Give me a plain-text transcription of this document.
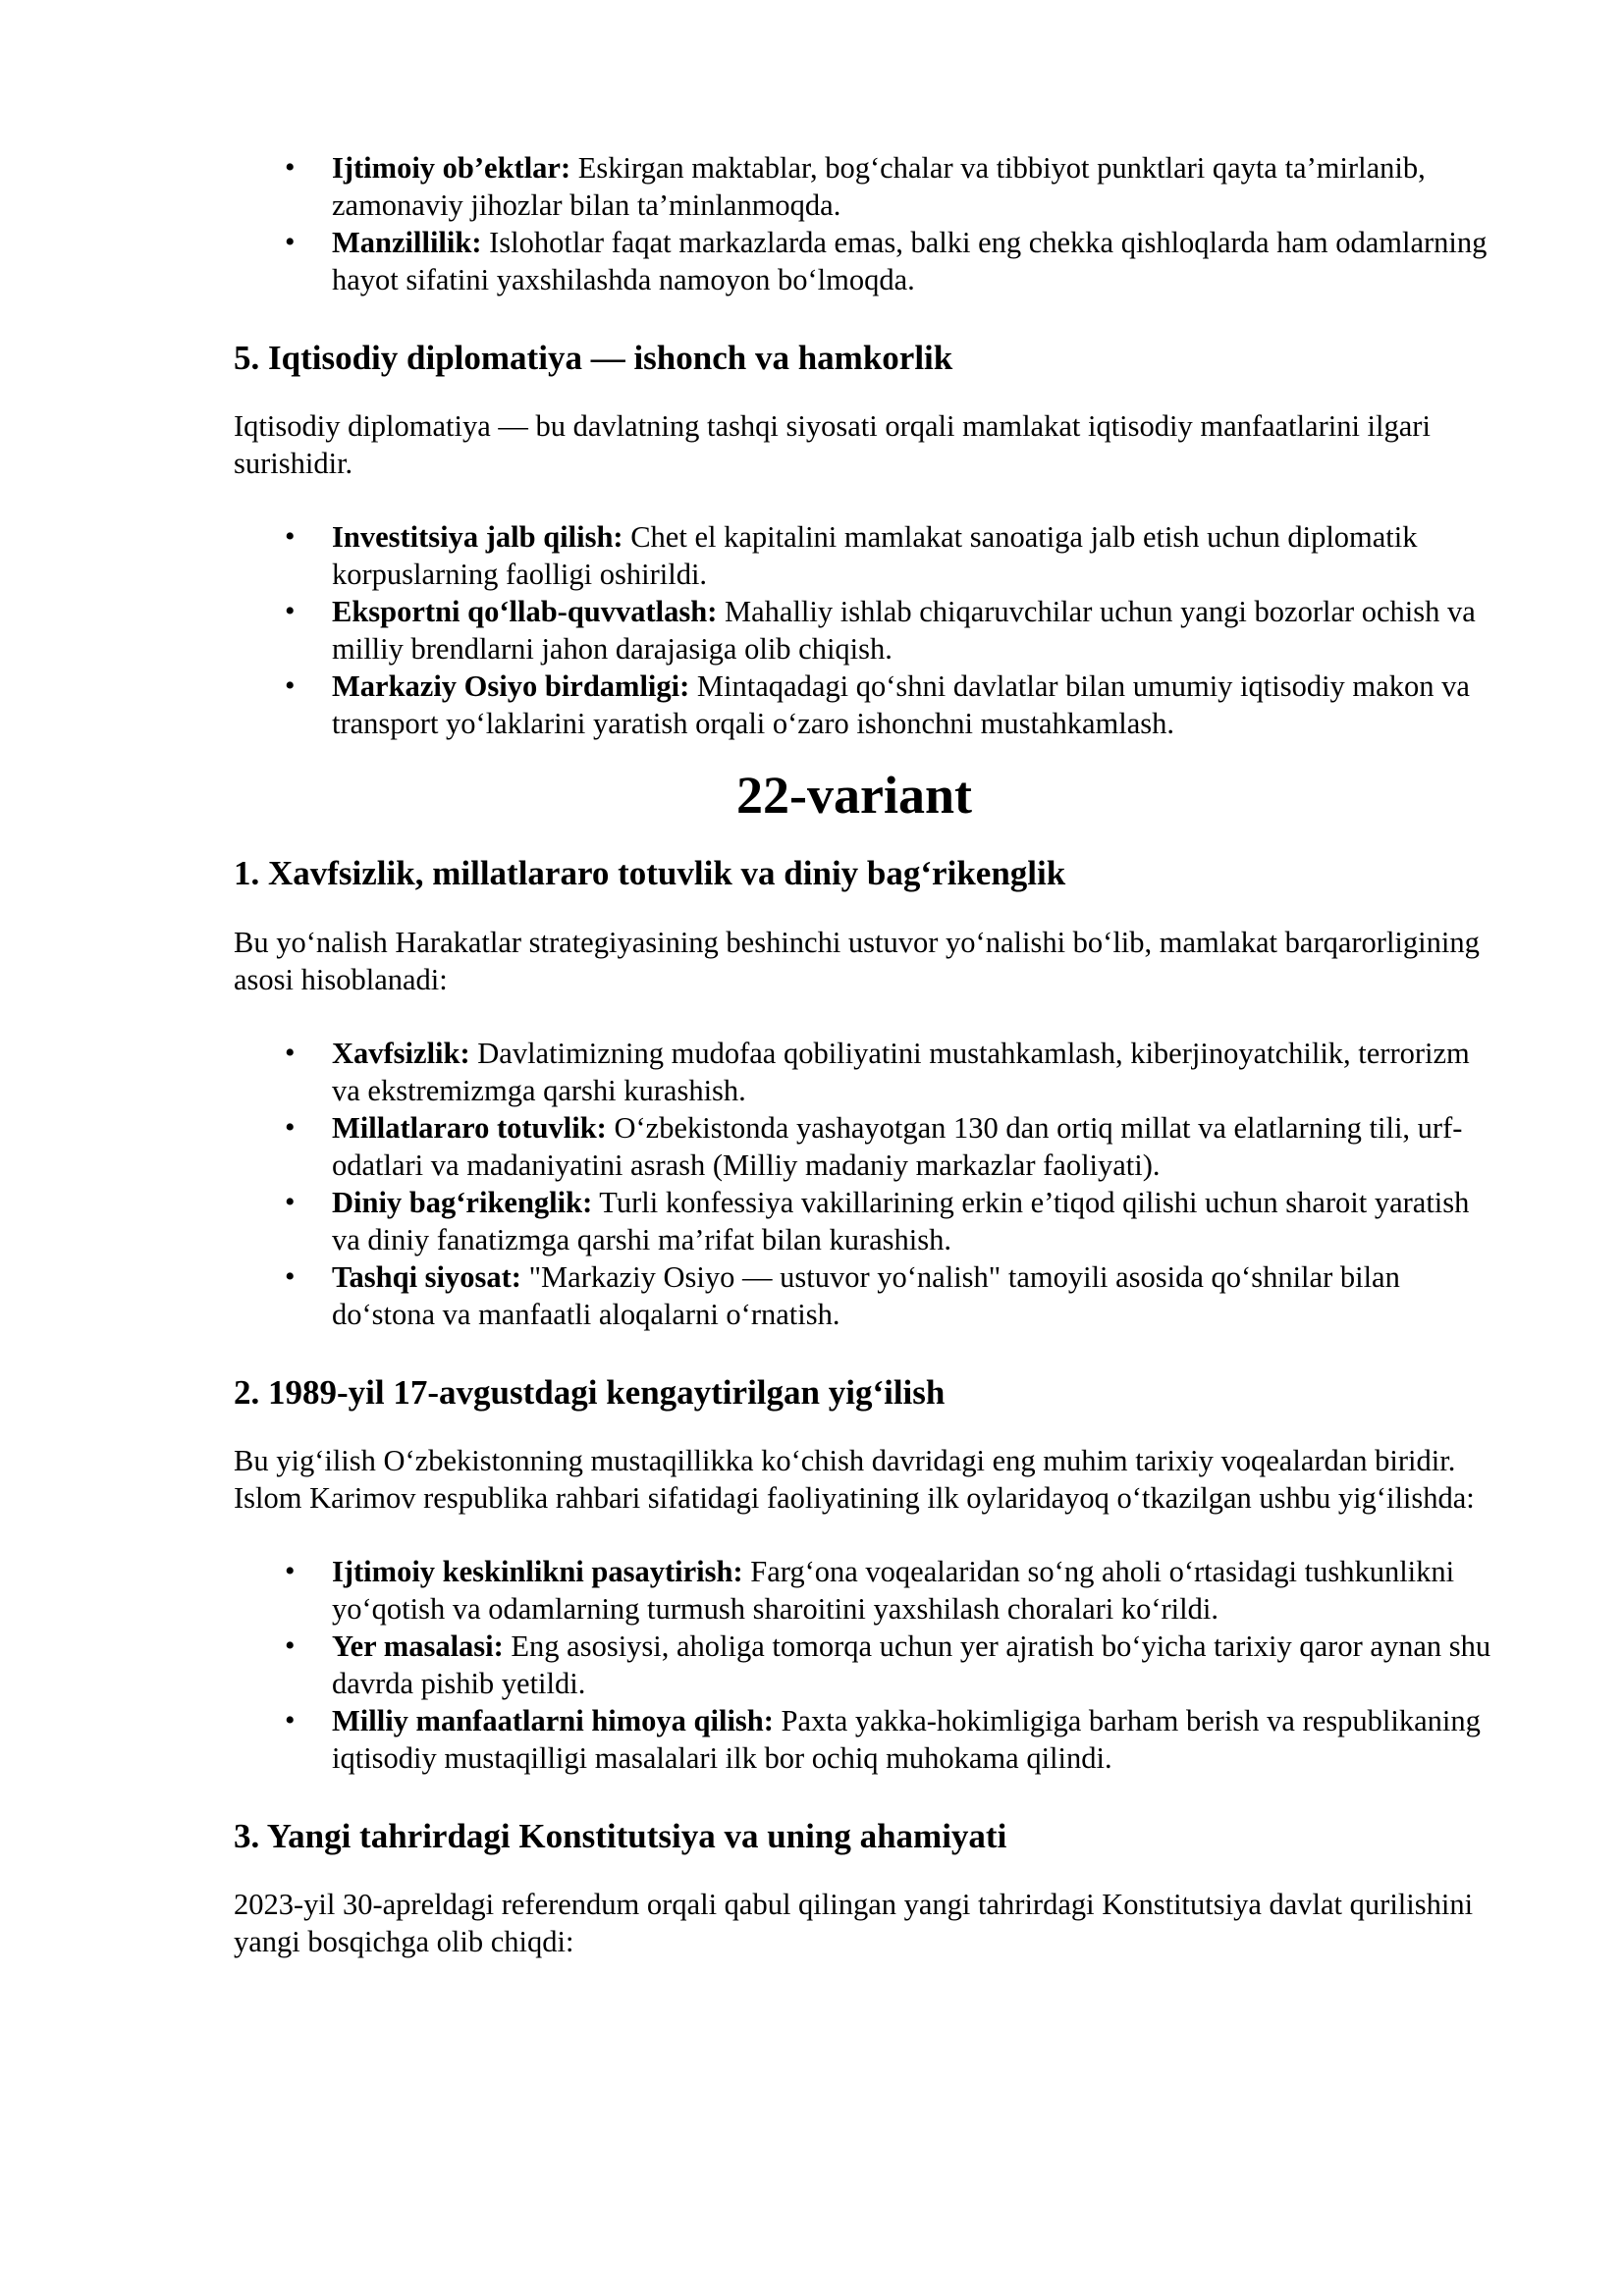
• Ijtimoiy ob’ektlar: Eskirgan maktablar, bog‘chalar va tibbiyot punktlari qayta ta’mirlanib, zamonaviy jihozlar bilan ta’minlanmoqda.
• Manzillilik: Islohotlar faqat markazlarda emas, balki eng chekka qishloqlarda ham odamlarning hayot sifatini yaxshilashda namoyon bo‘lmoqda.
5. Iqtisodiy diplomatiya — ishonch va hamkorlik

Iqtisodiy diplomatiya — bu davlatning tashqi siyosati orqali mamlakat iqtisodiy manfaatlarini ilgari surishidir.

• Investitsiya jalb qilish: Chet el kapitalini mamlakat sanoatiga jalb etish uchun diplomatik korpuslarning faolligi oshirildi.
• Eksportni qo‘llab-quvvatlash: Mahalliy ishlab chiqaruvchilar uchun yangi bozorlar ochish va milliy brendlarni jahon darajasiga olib chiqish.
• Markaziy Osiyo birdamligi: Mintaqadagi qo‘shni davlatlar bilan umumiy iqtisodiy makon va transport yo‘laklarini yaratish orqali o‘zaro ishonchni mustahkamlash.
22-variant
1. Xavfsizlik, millatlararo totuvlik va diniy bag‘rikenglik

Bu yo‘nalish Harakatlar strategiyasining beshinchi ustuvor yo‘nalishi bo‘lib, mamlakat barqarorligining asosi hisoblanadi:

• Xavfsizlik: Davlatimizning mudofaa qobiliyatini mustahkamlash, kiberjinoyatchilik, terrorizm va ekstremizmga qarshi kurashish.
• Millatlararo totuvlik: O‘zbekistonda yashayotgan 130 dan ortiq millat va elatlarning tili, urf-odatlari va madaniyatini asrash (Milliy madaniy markazlar faoliyati).
• Diniy bag‘rikenglik: Turli konfessiya vakillarining erkin e’tiqod qilishi uchun sharoit yaratish va diniy fanatizmga qarshi ma’rifat bilan kurashish.
• Tashqi siyosat: "Markaziy Osiyo — ustuvor yo‘nalish" tamoyili asosida qo‘shnilar bilan do‘stona va manfaatli aloqalarni o‘rnatish.
2. 1989-yil 17-avgustdagi kengaytirilgan yig‘ilish

Bu yig‘ilish O‘zbekistonning mustaqillikka ko‘chish davridagi eng muhim tarixiy voqealardan biridir. Islom Karimov respublika rahbari sifatidagi faoliyatining ilk oylaridayoq o‘tkazilgan ushbu yig‘ilishda:

• Ijtimoiy keskinlikni pasaytirish: Farg‘ona voqealaridan so‘ng aholi o‘rtasidagi tushkunlikni yo‘qotish va odamlarning turmush sharoitini yaxshilash choralari ko‘rildi.
• Yer masalasi: Eng asosiysi, aholiga tomorqa uchun yer ajratish bo‘yicha tarixiy qaror aynan shu davrda pishib yetildi.
• Milliy manfaatlarni himoya qilish: Paxta yakka-hokimligiga barham berish va respublikaning iqtisodiy mustaqilligi masalalari ilk bor ochiq muhokama qilindi.
3. Yangi tahrirdagi Konstitutsiya va uning ahamiyati

2023-yil 30-apreldagi referendum orqali qabul qilingan yangi tahrirdagi Konstitutsiya davlat qurilishini yangi bosqichga olib chiqdi:
